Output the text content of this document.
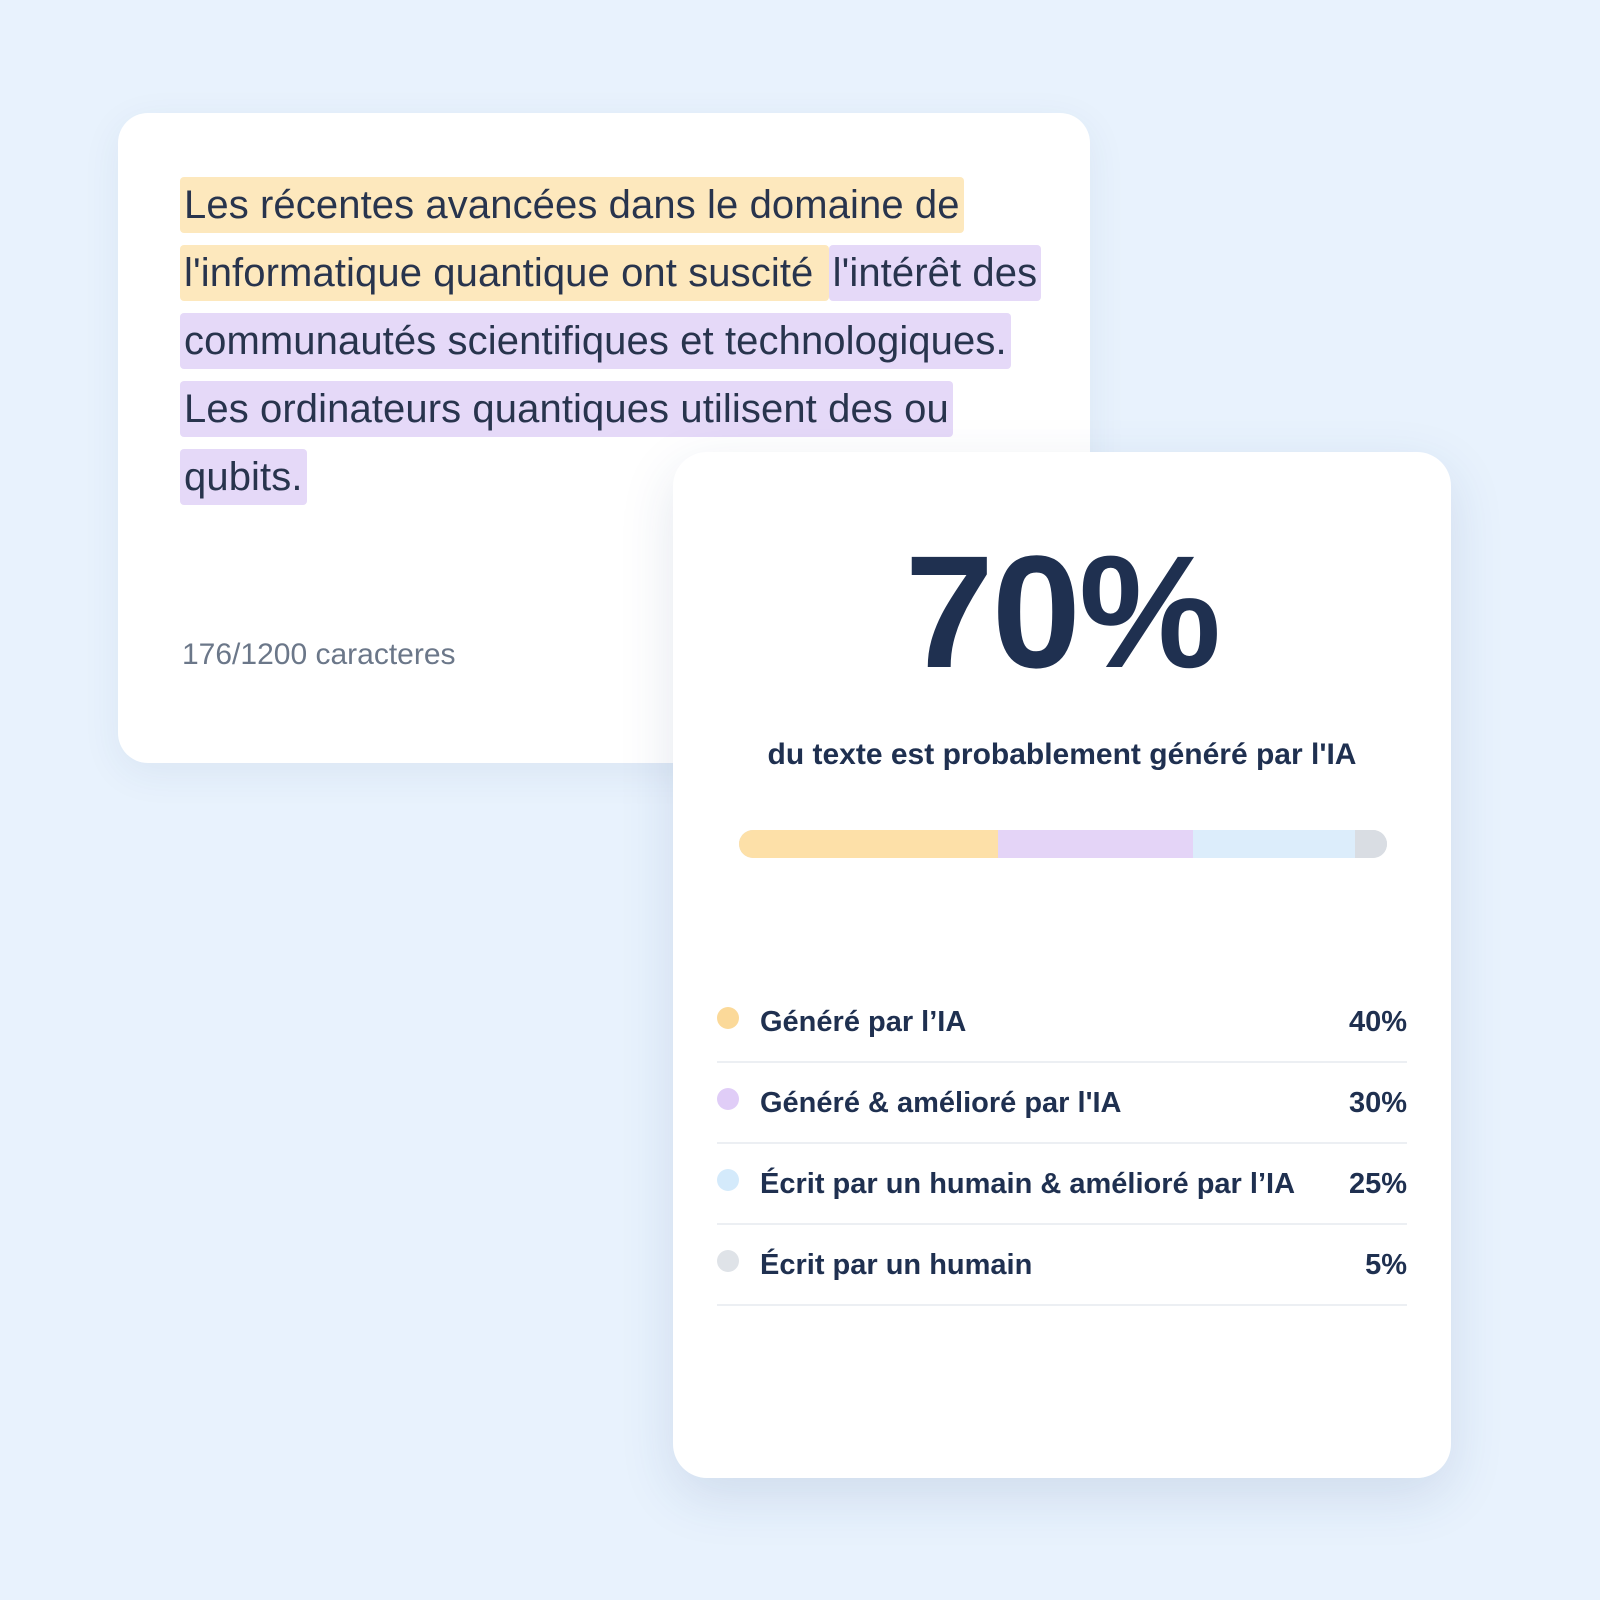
Les récentes avancées dans le domaine de l'informatique quantique ont suscité l'intérêt des communautés scientifiques et technologiques. Les ordinateurs quantiques utilisent des ou qubits.
176/1200 caracteres	70%
du texte est probablement généré par l'IA
Généré par l’IA	40%
Généré & amélioré par l'IA	30%
Écrit par un humain & amélioré par l’IA	25%
Écrit par un humain	5%
